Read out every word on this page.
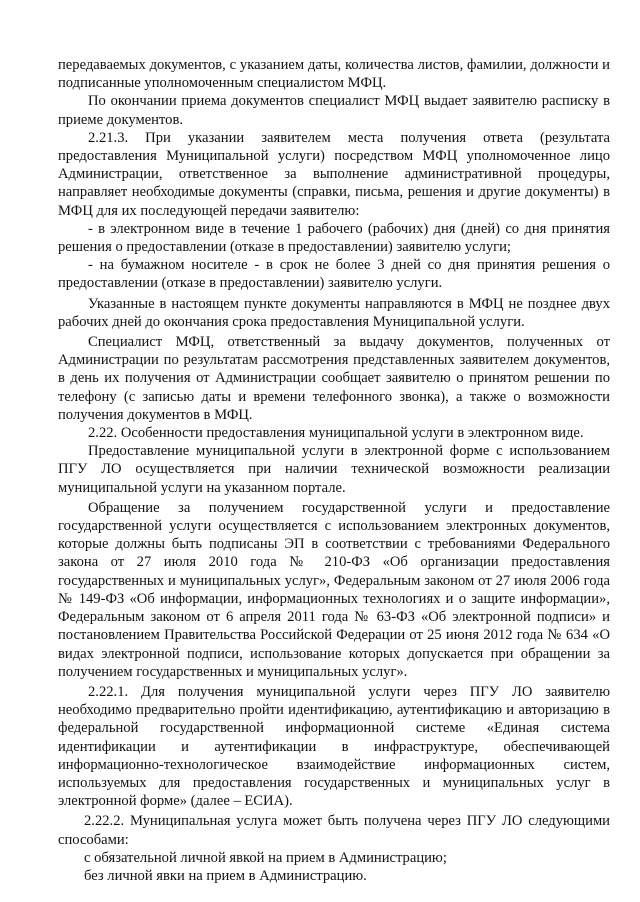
передаваемых документов, с указанием даты, количества листов, фамилии, должности и подписанные уполномоченным специалистом МФЦ.

По окончании приема документов специалист МФЦ выдает заявителю расписку в приеме документов.

2.21.3. При указании заявителем места получения ответа (результата предоставления Муниципальной услуги) посредством МФЦ уполномоченное лицо Администрации, ответственное за выполнение административной процедуры, направляет необходимые документы (справки, письма, решения и другие документы) в МФЦ для их последующей передачи заявителю:

- в электронном виде в течение 1 рабочего (рабочих) дня (дней) со дня принятия решения о предоставлении (отказе в предоставлении) заявителю услуги;

- на бумажном носителе - в срок не более 3 дней со дня принятия решения о предоставлении (отказе в предоставлении) заявителю услуги.

Указанные в настоящем пункте документы направляются в МФЦ не позднее двух рабочих дней до окончания срока предоставления Муниципальной услуги.

Специалист МФЦ, ответственный за выдачу документов, полученных от Администрации по результатам рассмотрения представленных заявителем документов, в день их получения от Администрации сообщает заявителю о принятом решении по телефону (с записью даты и времени телефонного звонка), а также о возможности получения документов в МФЦ.

2.22. Особенности предоставления муниципальной услуги в электронном виде.

Предоставление муниципальной услуги в электронной форме с использованием ПГУ ЛО осуществляется при наличии технической возможности реализации муниципальной услуги на указанном портале.

Обращение за получением государственной услуги и предоставление государственной услуги осуществляется с использованием электронных документов, которые должны быть подписаны ЭП в соответствии с требованиями Федерального закона от 27 июля 2010 года № 210-ФЗ «Об организации предоставления государственных и муниципальных услуг», Федеральным законом от 27 июля 2006 года № 149-ФЗ «Об информации, информационных технологиях и о защите информации», Федеральным законом от 6 апреля 2011 года № 63-ФЗ «Об электронной подписи» и постановлением Правительства Российской Федерации от 25 июня 2012 года № 634 «О видах электронной подписи, использование которых допускается при обращении за получением государственных и муниципальных услуг».

2.22.1. Для получения муниципальной услуги через ПГУ ЛО заявителю необходимо предварительно пройти идентификацию, аутентификацию и авторизацию в федеральной государственной информационной системе «Единая система идентификации и аутентификации в инфраструктуре, обеспечивающей информационно-технологическое взаимодействие информационных систем, используемых для предоставления государственных и муниципальных услуг в электронной форме» (далее – ЕСИА).

2.22.2. Муниципальная услуга может быть получена через ПГУ ЛО следующими способами:

с обязательной личной явкой на прием в Администрацию;

без личной явки на прием в Администрацию.
